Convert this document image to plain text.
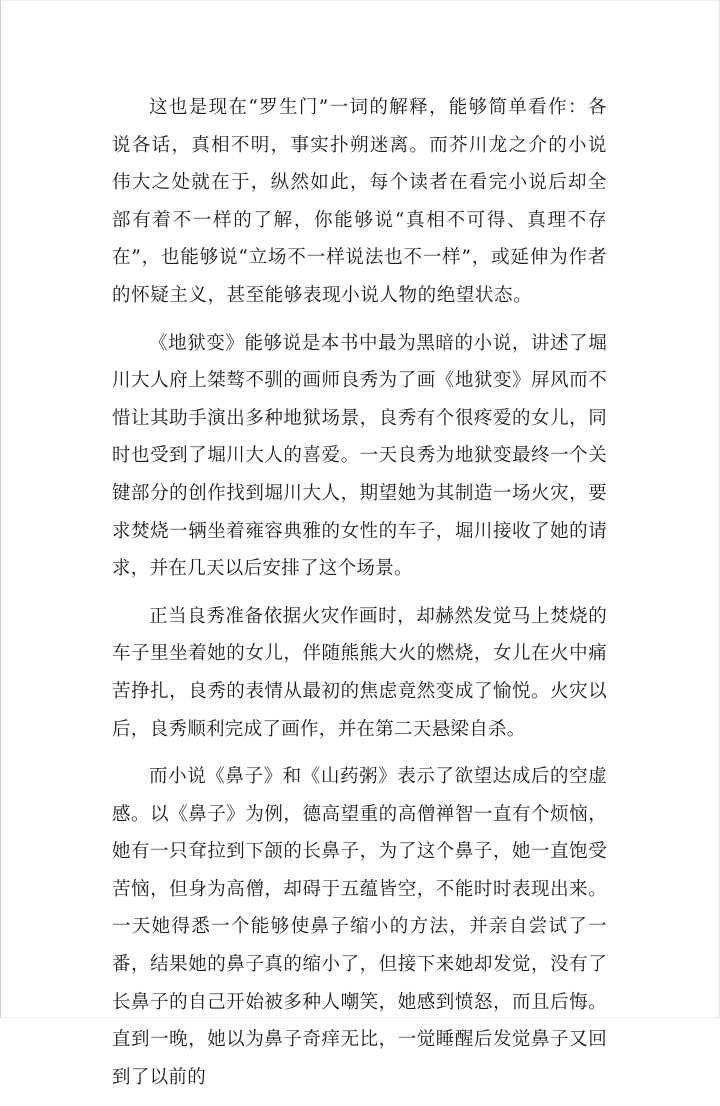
这也是现在“罗生门”一词的解释，能够简单看作：各说各话，真相不明，事实扑朔迷离。而芥川龙之介的小说伟大之处就在于，纵然如此，每个读者在看完小说后却全部有着不一样的了解，你能够说“真相不可得、真理不存在”，也能够说“立场不一样说法也不一样”，或延伸为作者的怀疑主义，甚至能够表现小说人物的绝望状态。

《地狱变》能够说是本书中最为黑暗的小说，讲述了堀川大人府上桀骜不驯的画师良秀为了画《地狱变》屏风而不惜让其助手演出多种地狱场景，良秀有个很疼爱的女儿，同时也受到了堀川大人的喜爱。一天良秀为地狱变最终一个关键部分的创作找到堀川大人，期望她为其制造一场火灾，要求焚烧一辆坐着雍容典雅的女性的车子，堀川接收了她的请求，并在几天以后安排了这个场景。

正当良秀准备依据火灾作画时，却赫然发觉马上焚烧的车子里坐着她的女儿，伴随熊熊大火的燃烧，女儿在火中痛苦挣扎，良秀的表情从最初的焦虑竟然变成了愉悦。火灾以后，良秀顺利完成了画作，并在第二天悬梁自杀。

而小说《鼻子》和《山药粥》表示了欲望达成后的空虚感。以《鼻子》为例，德高望重的高僧禅智一直有个烦恼，她有一只耷拉到下颌的长鼻子，为了这个鼻子，她一直饱受苦恼，但身为高僧，却碍于五蕴皆空，不能时时表现出来。一天她得悉一个能够使鼻子缩小的方法，并亲自尝试了一番，结果她的鼻子真的缩小了，但接下来她却发觉，没有了长鼻子的自己开始被多种人嘲笑，她感到愤怒，而且后悔。直到一晚，她以为鼻子奇痒无比，一觉睡醒后发觉鼻子又回到了以前的
